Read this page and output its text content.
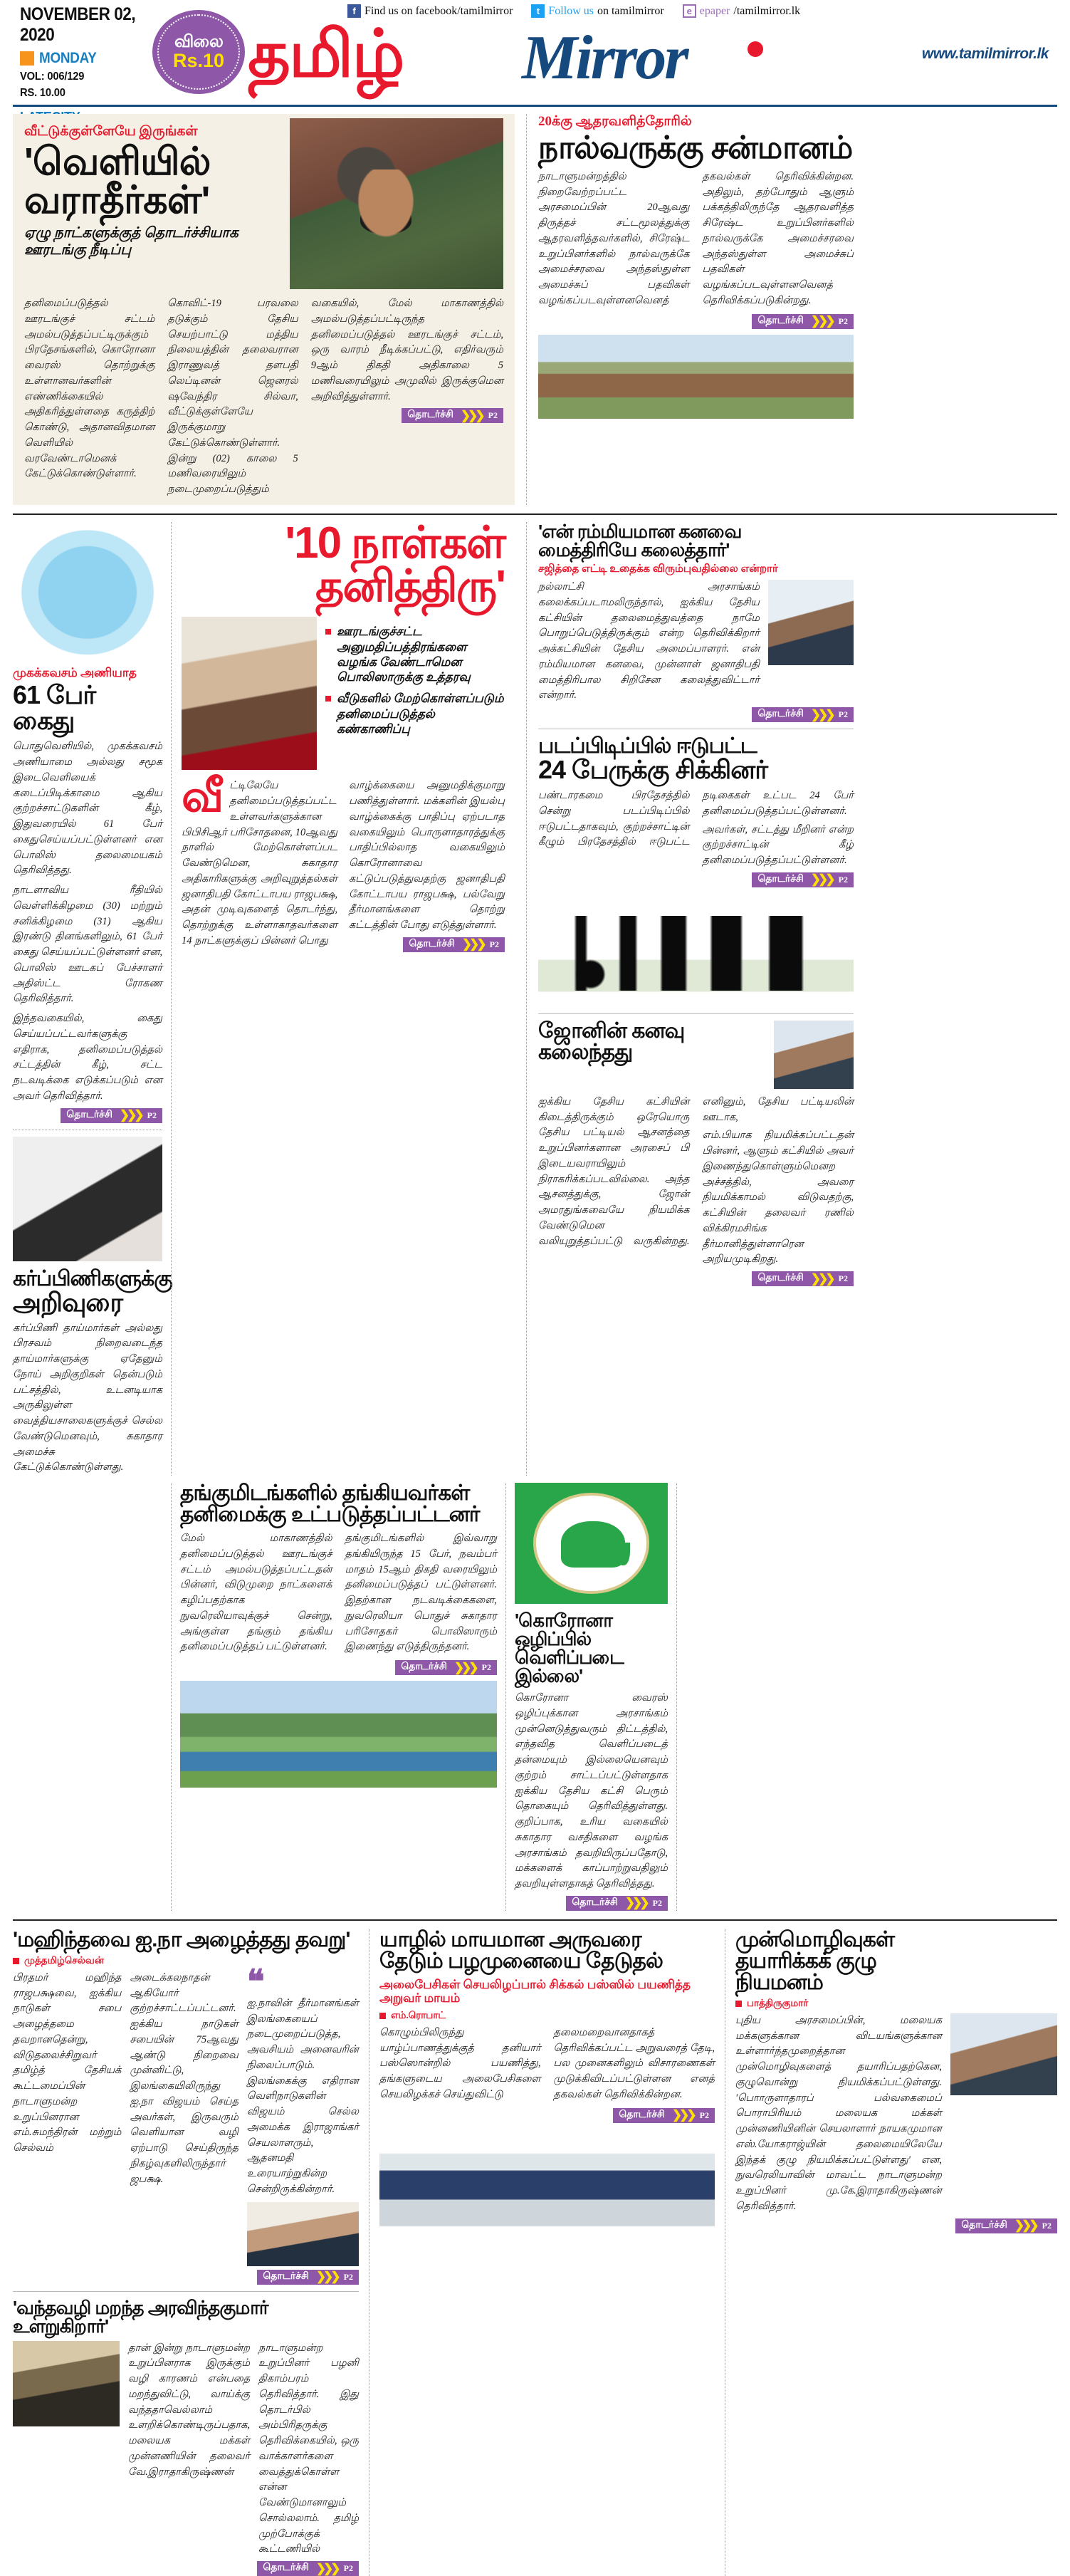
NOVEMBER 02, 2020
MONDAY
VOL: 006/129
RS. 10.00
விலை
Rs.10
f Find us on facebook/tamilmirror	t Follow us on tamilmirror	e epaper /tamilmirror.lk
தமிழ் Mirror	www.tamilmirror.lk
வீட்டுக்குள்ளேயே இருங்கள்
'வெளியில் வராதீர்கள்'
ஏழு நாட்களுக்குத் தொடர்ச்சியாக ஊரடங்கு நீடிப்பு
தனிமைப்படுத்தல் ஊரடங்குச் சட்டம் அமல்படுத்தப்பட்டிருக்கும் பிரதேசங்களில், கொரோனா வைரஸ் தொற்றுக்கு உள்ளானவர்களின் எண்ணிக்கையில் அதிகரித்துள்ளதை கருத்திற் கொண்டு, அதானவிதமான வெளியில் வரவேண்டாமெனக் கேட்டுக்கொண்டுள்ளார்.
கொவிட்-19 பரவலை தடுக்கும் தேசிய செயற்பாட்டு மத்திய நிலையத்தின் தலைவரான இராணுவத் தளபதி லெப்டினன் ஜெனரல் ஷவேந்திர சில்வா, வீட்டுக்குள்ளேயே இருக்குமாறு கேட்டுக்கொண்டுள்ளார். இன்று (02) காலை 5 மணிவரையிலும் நடைமுறைப்படுத்தும்
வகையில், மேல் மாகாணத்தில் அமல்படுத்தப்பட்டிருந்த தனிமைப்படுத்தல் ஊரடங்குச் சட்டம், ஒரு வாரம் நீடிக்கப்பட்டு, எதிர்வரும் 9ஆம் திகதி அதிகாலை 5 மணிவரையிலும் அமுலில் இருக்குமென அறிவித்துள்ளார்.
தொடர்ச்சி ❯❯❯ P2
20க்கு ஆதரவளித்தோரில்
நால்வருக்கு சன்மானம்
நாடாளுமன்றத்தில் நிறைவேற்றப்பட்ட அரசமைப்பின் 20ஆவது திருத்தச் சட்டமூலத்துக்கு ஆதரவளித்தவர்களில், சிரேஷ்ட உறுப்பினர்களில் நால்வருக்கே அமைச்சரவை அந்தஸ்துள்ள அமைச்சுப் பதவிகள் வழங்கப்படவுள்ளனவெனத்
தகவல்கள் தெரிவிக்கின்றன. அதிலும், தற்போதும் ஆளும் பக்கத்திலிருந்தே ஆதரவளித்த சிரேஷ்ட உறுப்பினர்களில் நால்வருக்கே அமைச்சரவை அந்தஸ்துள்ள அமைச்சுப் பதவிகள் வழங்கப்படவுள்ளனவெனத் தெரிவிக்கப்படுகின்றது.
தொடர்ச்சி ❯❯❯ P2
முகக்கவசம் அணியாத
61 பேர் கைது
பொதுவெளியில், முகக்கவசம் அணியாமை அல்லது சமூக இடைவெளியைக் கடைப்பிடிக்காமை ஆகிய குற்றச்சாட்டுகளின் கீழ், இதுவரையில் 61 பேர் கைதுசெய்யப்பட்டுள்ளனர் என பொலிஸ் தலைமையகம் தெரிவித்தது.
நாடளாவிய ரீதியில் வெள்ளிக்கிழமை (30) மற்றும் சனிக்கிழமை (31) ஆகிய இரண்டு தினங்களிலும், 61 பேர் கைது செய்யப்பட்டுள்ளனர் என, பொலிஸ் ஊடகப் பேச்சாளர் அதிஸ்ட்ட ரோகண தெரிவித்தார்.
இந்தவகையில், கைது செய்யப்பட்டவர்களுக்கு எதிராக, தனிமைப்படுத்தல் சட்டத்தின் கீழ், சட்ட நடவடிக்கை எடுக்கப்படும் என அவர் தெரிவித்தார்.
தொடர்ச்சி ❯❯❯ P2
கர்ப்பிணிகளுக்கு
அறிவுரை
கர்ப்பிணி தாய்மார்கள் அல்லது பிரசவம் நிறைவடைந்த தாய்மார்களுக்கு ஏதேனும் நோய் அறிகுறிகள் தென்படும் பட்சத்தில், உடனடியாக அருகிலுள்ள வைத்தியசாலைகளுக்குச் செல்ல வேண்டுமெனவும், சுகாதார அமைச்சு கேட்டுக்கொண்டுள்ளது.
'10 நாள்கள்
தனித்திரு'
ஊரடங்குச்சட்ட அனுமதிப்பத்திரங்களை வழங்க வேண்டாமென பொலிஸாருக்கு உத்தரவு
வீடுகளில் மேற்கொள்ளப்படும் தனிமைப்படுத்தல் கண்காணிப்பு
வீ ட்டிலேயே தனிமைப்படுத்தப்பட்ட உள்ளவர்களுக்கான பிபிசிஆர் பரிசோதனை, 10ஆவது நாளில் மேற்கொள்ளப்பட வேண்டுமென, சுகாதார அதிகாரிகளுக்கு அறிவுறுத்தல்கள் ஜனாதிபதி கோட்டாபய ராஜபக்ஷ, அதன் முடிவுகளைத் தொடர்ந்து, தொற்றுக்கு உள்ளாகாதவர்களை 14 நாட்களுக்குப் பின்னர் பொது
வாழ்க்கையை அனுமதிக்குமாறு பணித்துள்ளார். மக்களின் இயல்பு வாழ்க்கைக்கு பாதிப்பு ஏற்படாத வகையிலும் பொருளாதாரத்துக்கு பாதிப்பில்லாத வகையிலும் கொரோனாவை கட்டுப்படுத்துவதற்கு ஜனாதிபதி கோட்டாபய ராஜபக்ஷ, பல்வேறு தீர்மானங்களை தொற்று கட்டத்தின் போது எடுத்துள்ளார்.
தொடர்ச்சி ❯❯❯ P2
'என் ரம்மியமான கனவை
மைத்திரியே கலைத்தார்'
சஜித்தை எட்டி உதைக்க விரும்புவதில்லை என்றார்
நல்லாட்சி அரசாங்கம் கலைக்கப்படாமலிருந்தால், ஐக்கிய தேசிய கட்சியின் தலைமைத்துவத்தை நாமே பொறுப்பெடுத்திருக்கும் என்ற தெரிவிக்கிறார் அக்கட்சியின் தேசிய அமைப்பாளரர். என் ரம்மியமான கனவை, முன்னாள் ஜனாதிபதி மைத்திரிபால சிறிசேன கலைத்துவிட்டார் என்றார்.
தொடர்ச்சி ❯❯❯ P2
படப்பிடிப்பில் ஈடுபட்ட
24 பேருக்கு சிக்கினர்
பண்டாரகமை பிரதேசத்தில் சென்று படப்பிடிப்பில் ஈடுபட்டதாகவும், குற்றச்சாட்டின் கீழும் பிரதேசத்தில் ஈடுபட்ட நடிகைகள் உட்பட 24 பேர் தனிமைப்படுத்தப்பட்டுள்ளனர்.
அவர்கள், சட்டத்து மீறினர் என்ற குற்றச்சாட்டின் கீழ் தனிமைப்படுத்தப்பட்டுள்ளனர்.
தொடர்ச்சி ❯❯❯ P2
ஜோனின் கனவு
கலைந்தது
ஐக்கிய தேசிய கட்சியின் கிடைத்திருக்கும் ஒரேயொரு தேசிய பட்டியல் ஆசனத்தை உறுப்பினர்களான அரசைப் பி இடையவராயிலும் நிராகரிக்கப்படவில்லை. அந்த ஆசனத்துக்கு, ஜோன் அமரதுங்கவையே நியமிக்க வேண்டுமென வலியுறுத்தப்பட்டு வருகின்றது. எனினும், தேசிய பட்டியலின் ஊடாக,
எம்.பியாக நியமிக்கப்பட்டதன் பின்னர், ஆளும் கட்சியில் அவர் இணைந்துகொள்ளும்மெனற அச்சத்தில், அவரை நியமிக்காமல் விடுவதற்கு, கட்சியின் தலைவர் ரணில் விக்கிரமசிங்க தீர்மானித்துள்ளாரென அறியமுடிகிறது.
தொடர்ச்சி ❯❯❯ P2
தங்குமிடங்களில் தங்கியவர்கள்
தனிமைக்கு உட்படுத்தப்பட்டனர்
மேல் மாகாணத்தில் தனிமைப்படுத்தல் ஊரடங்குச் சட்டம் அமல்படுத்தப்பட்டதன் பின்னர், விடுமுறை நாட்களைக் கழிப்பதற்காக நுவரெலியாவுக்குச் சென்று, அங்குள்ள தங்கும் தங்கிய தனிமைப்படுத்தப் பட்டுள்ளனர்.
தங்குமிடங்களில் இவ்வாறு தங்கியிருந்த 15 பேர், நவம்பர் மாதம் 15ஆம் திகதி வரையிலும் தனிமைப்படுத்தப் பட்டுள்ளனர். இதற்கான நடவடிக்கைகளை, நுவரெலியா பொதுச் சுகாதார பரிசோதகர் பொலிஸாரும் இணைந்து எடுத்திருந்தனர்.
தொடர்ச்சி ❯❯❯ P2
'கொரோனா
ஒழிப்பில் வெளிப்படை
இல்லை'
கொரோனா வைரஸ் ஒழிப்புக்கான அரசாங்கம் முன்னெடுத்துவரும் திட்டத்தில், எந்தவித வெளிப்படைத் தன்மையும் இல்லையெனவும் குற்றம் சாட்டப்பட்டுள்ளதாக ஐக்கிய தேசிய கட்சி பெரும் தொகையும் தெரிவித்துள்ளது. குறிப்பாக, உரிய வகையில் சுகாதார வசதிகளை வழங்க அரசாங்கம் தவறியிருப்பதோடு, மக்களைக் காப்பாற்றுவதிலும் தவறியுள்ளதாகத் தெரிவித்தது.
தொடர்ச்சி ❯❯❯ P2
'மஹிந்தவை ஐ.நா அழைத்தது தவறு'
முத்தமிழ்செல்வன்
பிரதமர் மஹிந்த ராஜபக்ஷவை, ஐக்கிய நாடுகள் சபை அழைத்தமை தவறானதென்று, விடுதலைச்சிறுவர் தமிழ்த் தேசியக் கூட்டமைப்பின் நாடாளுமன்ற உறுப்பினரான எம்.சுமந்திரன் மற்றும் செல்வம்
அடைக்கலநாதன் ஆகியோர் குற்றச்சாட்டப்பட்டனர். ஐக்கிய நாடுகள் சபையின் 75ஆவது ஆண்டு நிறைவை முன்னிட்டு, இலங்கையிலிருந்து ஐ.நா விஜயம் செய்த அவர்கள், இருவரும் வெளியான வழி ஏற்பாடு செய்திருந்த நிகழ்வுகளிலிருந்தார் ஜபக்ஷ.
❝
ஐ.நாவின் தீர்மானங்கள் இலங்கையைப் நடைமுறைப்படுத்த, அவசியம் அனைவரின் நிலைப்பாடும். இலங்கைக்கு எதிரான வெளிநாடுகளின் விஜயம் செல்ல அமைக்க இராஜாங்கர் செயலாளரும், ஆதனமதி உரையாற்றுகின்ற சென்றிருக்கின்றார்.
தொடர்ச்சி ❯❯❯ P2
'வந்தவழி மறந்த அரவிந்தகுமார் உளறுகிறார்'
தான் இன்று நாடாளுமன்ற உறுப்பினராக இருக்கும் வழி காரணம் என்பதை மறந்துவிட்டு, வாய்க்கு வந்ததாவெல்லாம் உளறிக்கொண்டிருப்பதாக, மலையக மக்கள் முன்னணியின் தலைவர் வே.இராதாகிருஷ்ணன்
நாடாளுமன்ற உறுப்பினர் பழனி திகாம்பரம் தெரிவித்தார். இது தொடர்பில் அம்பிரிதருக்கு தெரிவிக்கையில், ஒரு வாக்காளர்களை வைத்துக்கொள்ள என்ன வேண்டுமானாலும் சொல்லலாம். தமிழ் முற்போக்குக் கூட்டணியில்
தொடர்ச்சி ❯❯❯ P2
யாழில் மாயமான அருவரை
தேடும் பழமுனையை தேடுதல்
அலைபேசிகள் செயலிழப்பால் சிக்கல் பஸ்ஸில் பயணித்த அறுவர் மாயம்
எம்.ரொபாட்
கொழும்பிலிருந்து யாழ்ப்பாணத்துக்குத் தனியார் பஸ்ஸொன்றில் பயணித்து, தங்களுடைய அலைபேசிகளை செயலிழக்கச் செய்துவிட்டு
தலைமறைவானதாகத் தெரிவிக்கப்பட்ட அறுவரைத் தேடி, பல முனைகளிலும் விசாரணைகள் முடுக்கிவிடப்பட்டுள்ளன எனத் தகவல்கள் தெரிவிக்கின்றன.
தொடர்ச்சி ❯❯❯ P2
முன்மொழிவுகள்
தயாரிக்கக் குழு
நியமனம்
பாத்திருகுமார்
புதிய அரசமைப்பின், மலையக மக்களுக்கான விடயங்களுக்கான உள்ளார்ந்தமுறைத்தான முன்மொழிவுகளைத் தயாரிப்பதற்கென, குழுவொன்று நியமிக்கப்பட்டுள்ளது. 'பொாருளாதாரப் பல்வகைமைப் பொராபிரியம் மலையக மக்கள் முன்னணியினின் செயலாளார் நாயகமுமான எஸ்.யோகராஜ்யின் தலைமையிலேயே இந்தக் குழு நியமிக்கப்பட்டுள்ளது' என, நுவரெலியாவின் மாவட்ட நாடாளுமன்ற உறுப்பினர் மு.கே.இராதாகிருஷ்ணன் தெரிவித்தார்.
தொடர்ச்சி ❯❯❯ P2
